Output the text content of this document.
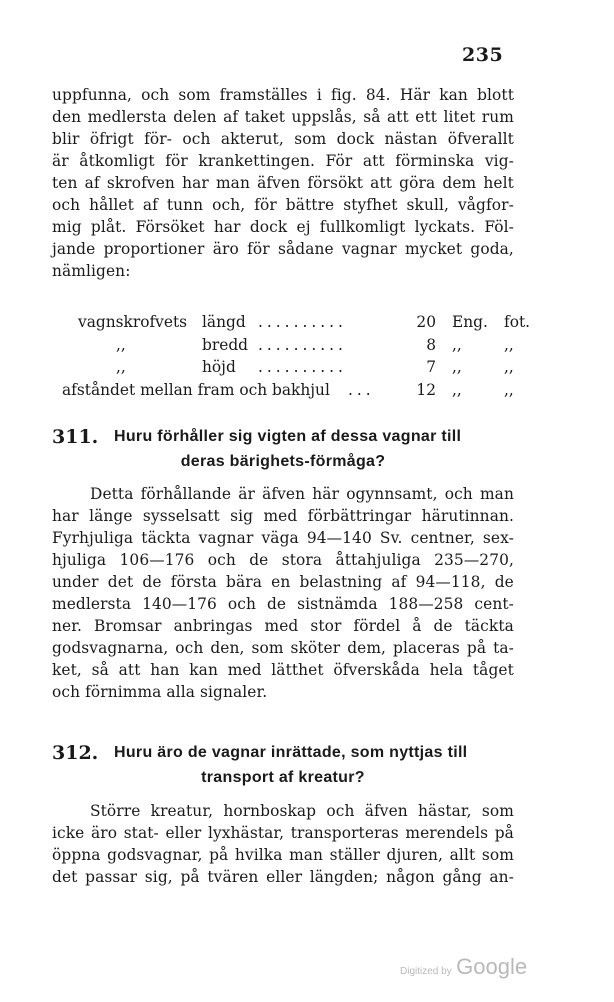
235
uppfunna, och som framställes i fig. 84. Här kan blott
den medlersta delen af taket uppslås, så att ett litet rum
blir öfrigt för- och akterut, som dock nästan öfverallt
är åtkomligt för krankettingen. För att förminska vig-
ten af skrofven har man äfven försökt att göra dem helt
och hållet af tunn och, för bättre styfhet skull, vågfor-
mig plåt. Försöket har dock ej fullkomligt lyckats. Föl-
jande proportioner äro för sådane vagnar mycket goda,
nämligen:
vagnskrofvets längd ..........	20 Eng. fot.
,,	bredd ..........	8 ,,	,,
,,	höjd ..........	7 ,,	,,
afståndet mellan fram och bakhjul ...	12 ,,	,,
311. Huru förhåller sig vigten af dessa vagnar till
deras bärighets-förmåga?
Detta förhållande är äfven här ogynnsamt, och man
har länge sysselsatt sig med förbättringar härutinnan.
Fyrhjuliga täckta vagnar väga 94—140 Sv. centner, sex-
hjuliga 106—176 och de stora åttahjuliga 235—270,
under det de första bära en belastning af 94—118, de
medlersta 140—176 och de sistnämda 188—258 cent-
ner. Bromsar anbringas med stor fördel å de täckta
godsvagnarna, och den, som sköter dem, placeras på ta-
ket, så att han kan med lätthet öfverskåda hela tåget
och förnimma alla signaler.
312. Huru äro de vagnar inrättade, som nyttjas till
transport af kreatur?
Större kreatur, hornboskap och äfven hästar, som
icke äro stat- eller lyxhästar, transporteras merendels på
öppna godsvagnar, på hvilka man ställer djuren, allt som
det passar sig, på tvären eller längden; någon gång an-
Digitized by Google
